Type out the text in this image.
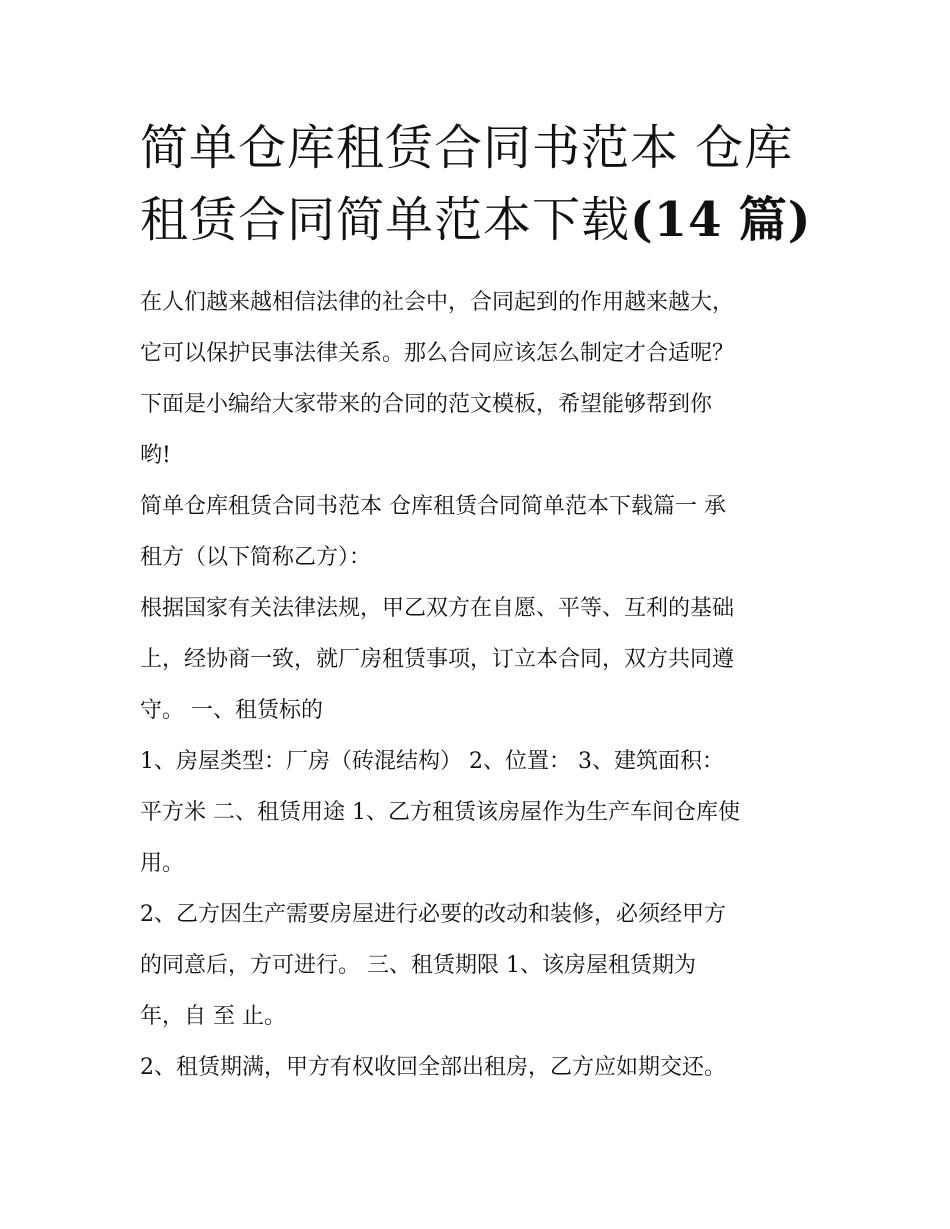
简单仓库租赁合同书范本 仓库
租赁合同简单范本下载(14 篇)

在人们越来越相信法律的社会中，合同起到的作用越来越大，
它可以保护民事法律关系。那么合同应该怎么制定才合适呢？
下面是小编给大家带来的合同的范文模板，希望能够帮到你
哟!

简单仓库租赁合同书范本 仓库租赁合同简单范本下载篇一 承
租方（以下简称乙方）：

根据国家有关法律法规，甲乙双方在自愿、平等、互利的基础
上，经协商一致，就厂房租赁事项，订立本合同，双方共同遵
守。 一、租赁标的

1、房屋类型：厂房（砖混结构） 2、位置： 3、建筑面积：
平方米 二、租赁用途 1、乙方租赁该房屋作为生产车间仓库使
用。

2、乙方因生产需要房屋进行必要的改动和装修，必须经甲方
的同意后，方可进行。 三、租赁期限 1、该房屋租赁期为
年，自 至 止。

2、租赁期满，甲方有权收回全部出租房，乙方应如期交还。
